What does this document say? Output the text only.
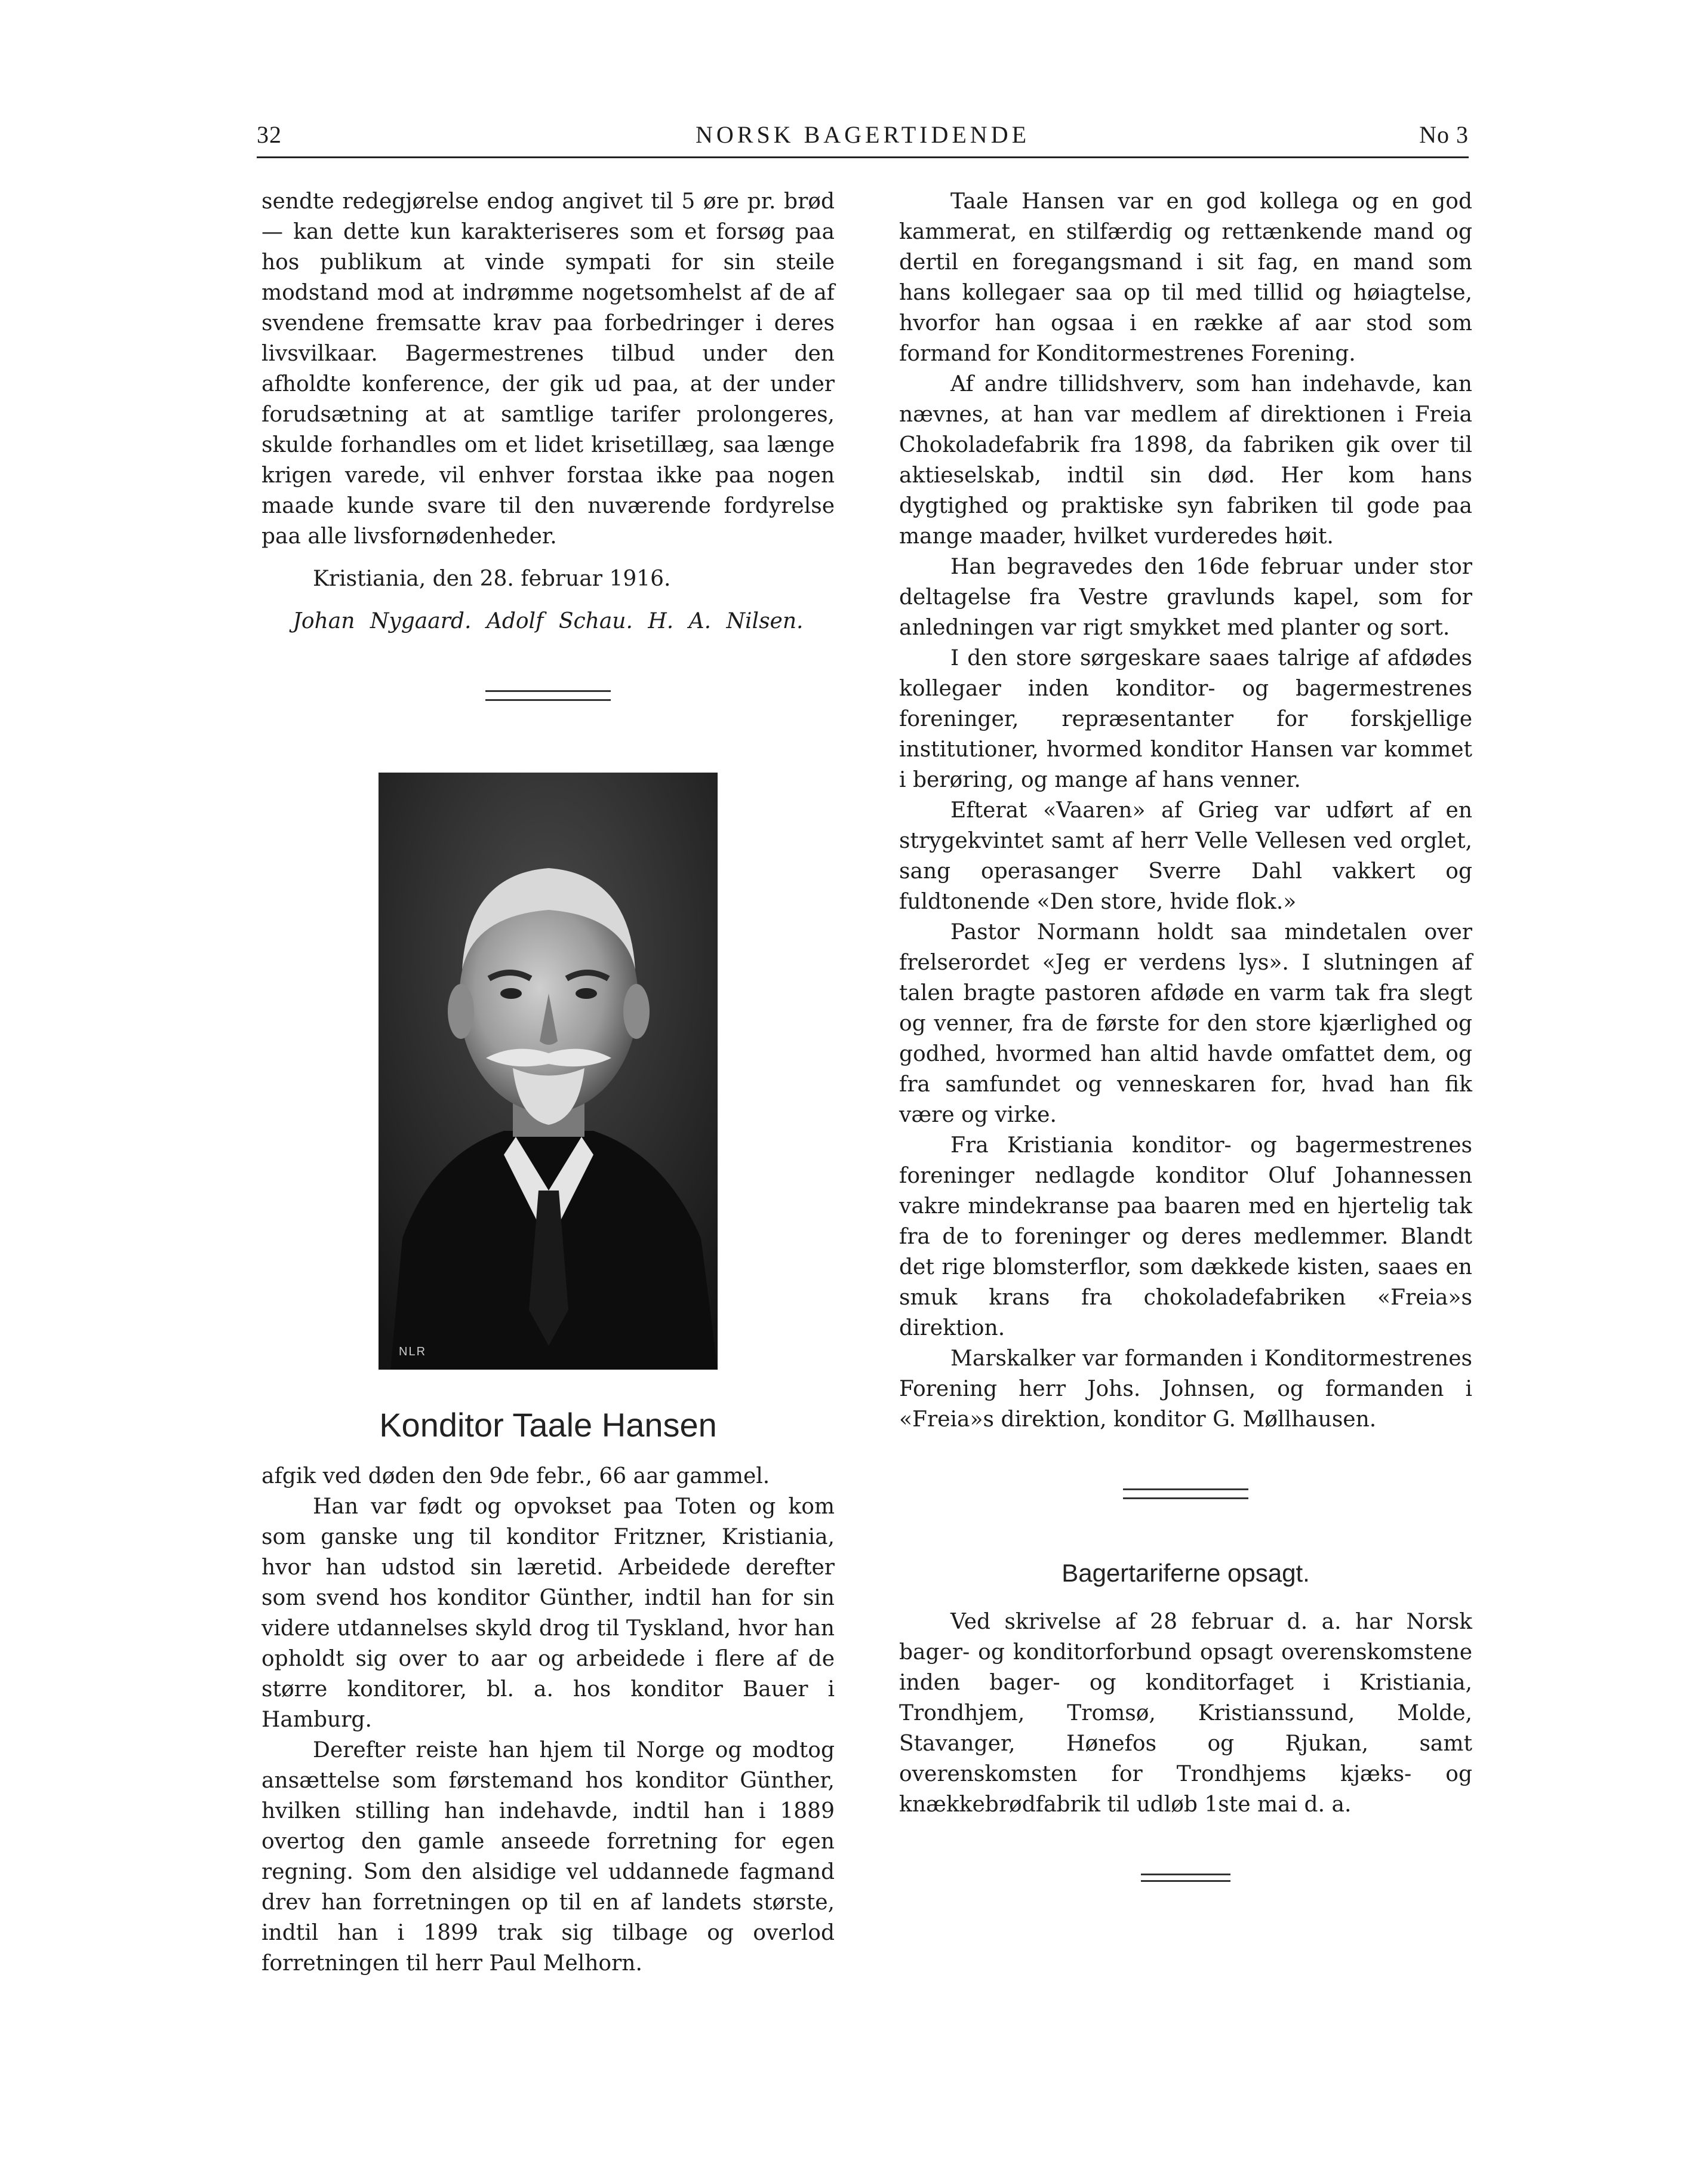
32	NORSK BAGERTIDENDE	No 3

sendte redegjørelse endog angivet til 5 øre pr. brød — kan dette kun karakteriseres som et forsøg paa hos publikum at vinde sympati for sin steile modstand mod at indrømme nogetsomhelst af de af svendene fremsatte krav paa forbedringer i deres livsvilkaar. Bagermestrenes tilbud under den afholdte konference, der gik ud paa, at der under forudsætning at at samtlige tarifer prolongeres, skulde forhandles om et lidet krisetillæg, saa længe krigen varede, vil enhver forstaa ikke paa nogen maade kunde svare til den nuværende fordyrelse paa alle livsfornødenheder.

Kristiania, den 28. februar 1916.

Johan Nygaard. Adolf Schau. H. A. Nilsen.

NLR
Konditor Taale Hansen

afgik ved døden den 9de febr., 66 aar gammel.

Han var født og opvokset paa Toten og kom som ganske ung til konditor Fritzner, Kristiania, hvor han udstod sin læretid. Arbeidede derefter som svend hos konditor Günther, indtil han for sin videre utdannelses skyld drog til Tyskland, hvor han opholdt sig over to aar og arbeidede i flere af de større konditorer, bl. a. hos konditor Bauer i Hamburg.

Derefter reiste han hjem til Norge og modtog ansættelse som førstemand hos konditor Günther, hvilken stilling han indehavde, indtil han i 1889 overtog den gamle anseede forretning for egen regning. Som den alsidige vel uddannede fagmand drev han forretningen op til en af landets største, indtil han i 1899 trak sig tilbage og overlod forretningen til herr Paul Melhorn.

Taale Hansen var en god kollega og en god kammerat, en stilfærdig og rettænkende mand og dertil en foregangsmand i sit fag, en mand som hans kollegaer saa op til med tillid og høiagtelse, hvorfor han ogsaa i en række af aar stod som formand for Konditormestrenes Forening.

Af andre tillidshverv, som han indehavde, kan nævnes, at han var medlem af direktionen i Freia Chokoladefabrik fra 1898, da fabriken gik over til aktieselskab, indtil sin død. Her kom hans dygtighed og praktiske syn fabriken til gode paa mange maader, hvilket vurderedes høit.

Han begravedes den 16de februar under stor deltagelse fra Vestre gravlunds kapel, som for anledningen var rigt smykket med planter og sort.

I den store sørgeskare saaes talrige af afdødes kollegaer inden konditor- og bagermestrenes foreninger, repræsentanter for forskjellige institutioner, hvormed konditor Hansen var kommet i berøring, og mange af hans venner.

Efterat «Vaaren» af Grieg var udført af en strygekvintet samt af herr Velle Vellesen ved orglet, sang operasanger Sverre Dahl vakkert og fuldtonende «Den store, hvide flok.»

Pastor Normann holdt saa mindetalen over frelserordet «Jeg er verdens lys». I slutningen af talen bragte pastoren afdøde en varm tak fra slegt og venner, fra de første for den store kjærlighed og godhed, hvormed han altid havde omfattet dem, og fra samfundet og venneskaren for, hvad han fik være og virke.

Fra Kristiania konditor- og bagermestrenes foreninger nedlagde konditor Oluf Johannessen vakre mindekranse paa baaren med en hjertelig tak fra de to foreninger og deres medlemmer. Blandt det rige blomsterflor, som dækkede kisten, saaes en smuk krans fra chokoladefabriken «Freia»s direktion.

Marskalker var formanden i Konditormestrenes Forening herr Johs. Johnsen, og formanden i «Freia»s direktion, konditor G. Møllhausen.

Bagertariferne opsagt.

Ved skrivelse af 28 februar d. a. har Norsk bager- og konditorforbund opsagt overenskomstene inden bager- og konditorfaget i Kristiania, Trondhjem, Tromsø, Kristianssund, Molde, Stavanger, Hønefos og Rjukan, samt overenskomsten for Trondhjems kjæks- og knækkebrødfabrik til udløb 1ste mai d. a.
